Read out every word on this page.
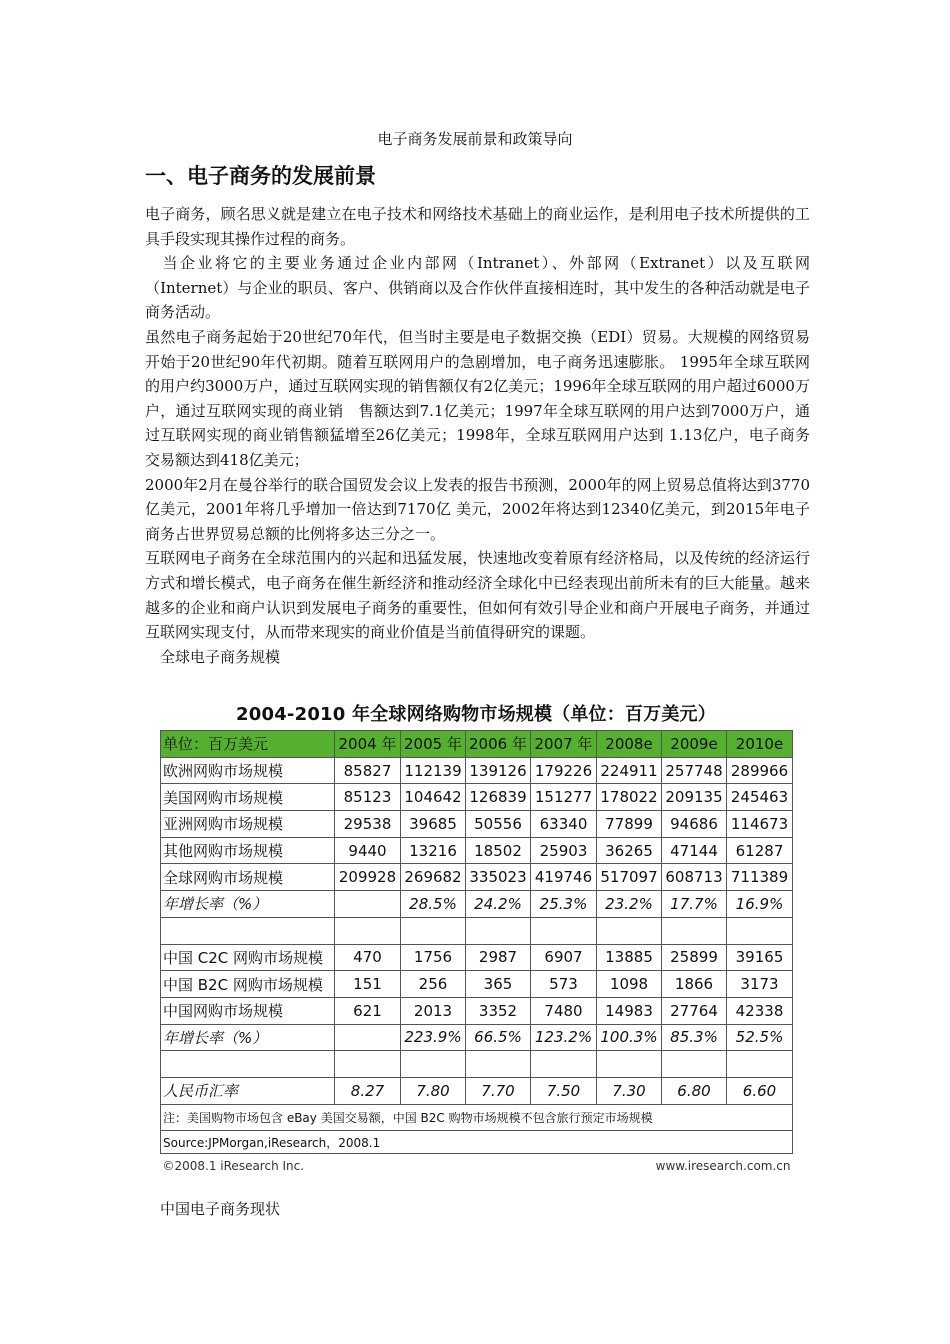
电子商务发展前景和政策导向
一、电子商务的发展前景

电子商务，顾名思义就是建立在电子技术和网络技术基础上的商业运作，是利用电子技术所提供的工具手段实现其操作过程的商务。

　当企业将它的主要业务通过企业内部网（Intranet）、外部网（Extranet）以及互联网（Internet）与企业的职员、客户、供销商以及合作伙伴直接相连时，其中发生的各种活动就是电子商务活动。

虽然电子商务起始于20世纪70年代，但当时主要是电子数据交换（EDI）贸易。大规模的网络贸易开始于20世纪90年代初期。随着互联网用户的急剧增加，电子商务迅速膨胀。 1995年全球互联网的用户约3000万户，通过互联网实现的销售额仅有2亿美元；1996年全球互联网的用户超过6000万户，通过互联网实现的商业销　售额达到7.1亿美元；1997年全球互联网的用户达到7000万户，通过互联网实现的商业销售额猛增至26亿美元；1998年，全球互联网用户达到 1.13亿户，电子商务交易额达到418亿美元；

2000年2月在曼谷举行的联合国贸发会议上发表的报告书预测，2000年的网上贸易总值将达到3770亿美元，2001年将几乎增加一倍达到7170亿 美元，2002年将达到12340亿美元，到2015年电子商务占世界贸易总额的比例将多达三分之一。

互联网电子商务在全球范围内的兴起和迅猛发展，快速地改变着原有经济格局，以及传统的经济运行方式和增长模式，电子商务在催生新经济和推动经济全球化中已经表现出前所未有的巨大能量。越来越多的企业和商户认识到发展电子商务的重要性，但如何有效引导企业和商户开展电子商务，并通过互联网实现支付，从而带来现实的商业价值是当前值得研究的课题。

全球电子商务规模

2004-2010 年全球网络购物市场规模（单位：百万美元）
单位：百万美元	2004 年	2005 年	2006 年	2007 年	2008e	2009e	2010e
欧洲网购市场规模	85827	112139	139126	179226	224911	257748	289966
美国网购市场规模	85123	104642	126839	151277	178022	209135	245463
亚洲网购市场规模	29538	39685	50556	63340	77899	94686	114673
其他网购市场规模	9440	13216	18502	25903	36265	47144	61287
全球网购市场规模	209928	269682	335023	419746	517097	608713	711389
年增长率（%）		28.5%	24.2%	25.3%	23.2%	17.7%	16.9%

中国 C2C 网购市场规模	470	1756	2987	6907	13885	25899	39165
中国 B2C 网购市场规模	151	256	365	573	1098	1866	3173
中国网购市场规模	621	2013	3352	7480	14983	27764	42338
年增长率（%）		223.9%	66.5%	123.2%	100.3%	85.3%	52.5%

人民币汇率	8.27	7.80	7.70	7.50	7.30	6.80	6.60
注：美国购物市场包含 eBay 美国交易额，中国 B2C 购物市场规模不包含旅行预定市场规模							
Source:JPMorgan,iResearch，2008.1							

©2008.1 iResearch Inc. www.iresearch.com.cn							
中国电子商务现状
